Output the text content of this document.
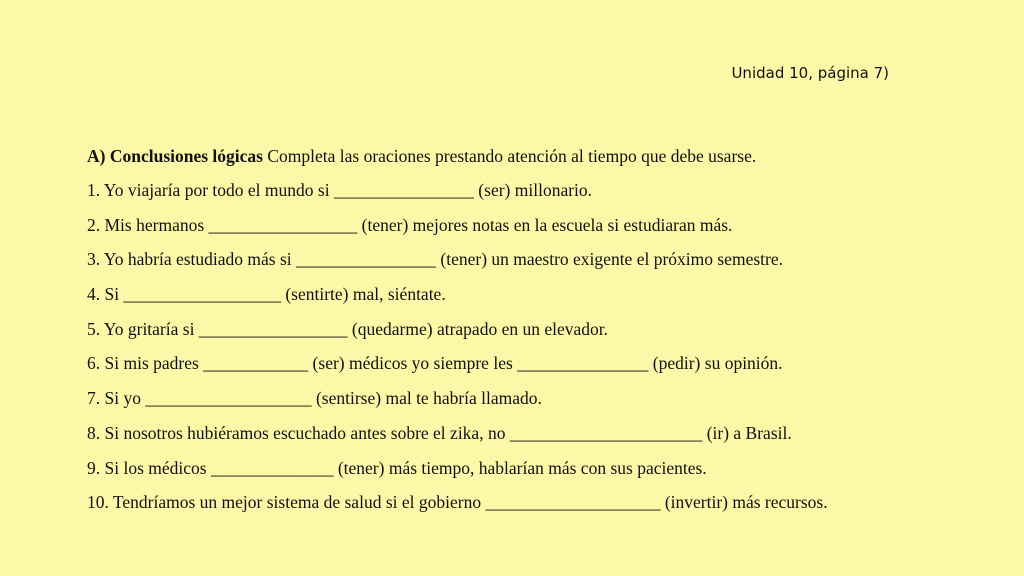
Unidad 10, página 7)
A) Conclusiones lógicas Completa las oraciones prestando atención al tiempo que debe usarse.
1. Yo viajaría por todo el mundo si ________________ (ser) millonario.
2. Mis hermanos _________________ (tener) mejores notas en la escuela si estudiaran más.
3. Yo habría estudiado más si ________________ (tener) un maestro exigente el próximo semestre.
4. Si __________________ (sentirte) mal, siéntate.
5. Yo gritaría si _________________ (quedarme) atrapado en un elevador.
6. Si mis padres ____________ (ser) médicos yo siempre les _______________ (pedir) su opinión.
7. Si yo ___________________ (sentirse) mal te habría llamado.
8. Si nosotros hubiéramos escuchado antes sobre el zika, no ______________________ (ir) a Brasil.
9. Si los médicos ______________ (tener) más tiempo, hablarían más con sus pacientes.
10. Tendríamos un mejor sistema de salud si el gobierno ____________________ (invertir) más recursos.
